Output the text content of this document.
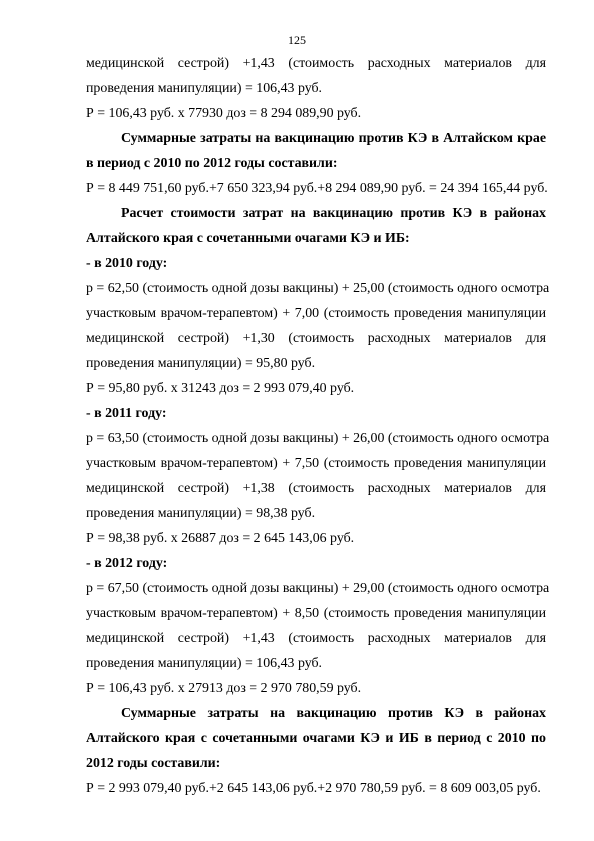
125
медицинской сестрой) +1,43 (стоимость расходных материалов для
проведения манипуляции) = 106,43 руб.
Р = 106,43 руб. х 77930 доз = 8 294 089,90 руб.
Суммарные затраты на вакцинацию против КЭ в Алтайском крае
в период с 2010 по 2012 годы составили:
Р = 8 449 751,60 руб.+7 650 323,94 руб.+8 294 089,90 руб. = 24 394 165,44 руб.
Расчет стоимости затрат на вакцинацию против КЭ в районах
Алтайского края с сочетанными очагами КЭ и ИБ:
- в 2010 году:
р = 62,50 (стоимость одной дозы вакцины) + 25,00 (стоимость одного осмотра
участковым врачом-терапевтом) + 7,00 (стоимость проведения манипуляции
медицинской сестрой) +1,30 (стоимость расходных материалов для
проведения манипуляции) = 95,80 руб.
Р = 95,80 руб. х 31243 доз = 2 993 079,40 руб.
- в 2011 году:
р = 63,50 (стоимость одной дозы вакцины) + 26,00 (стоимость одного осмотра
участковым врачом-терапевтом) + 7,50 (стоимость проведения манипуляции
медицинской сестрой) +1,38 (стоимость расходных материалов для
проведения манипуляции) = 98,38 руб.
Р = 98,38 руб. х 26887 доз = 2 645 143,06 руб.
- в 2012 году:
р = 67,50 (стоимость одной дозы вакцины) + 29,00 (стоимость одного осмотра
участковым врачом-терапевтом) + 8,50 (стоимость проведения манипуляции
медицинской сестрой) +1,43 (стоимость расходных материалов для
проведения манипуляции) = 106,43 руб.
Р = 106,43 руб. х 27913 доз = 2 970 780,59 руб.
Суммарные затраты на вакцинацию против КЭ в районах
Алтайского края с сочетанными очагами КЭ и ИБ в период с 2010 по
2012 годы составили:
Р = 2 993 079,40 руб.+2 645 143,06 руб.+2 970 780,59 руб. = 8 609 003,05 руб.
